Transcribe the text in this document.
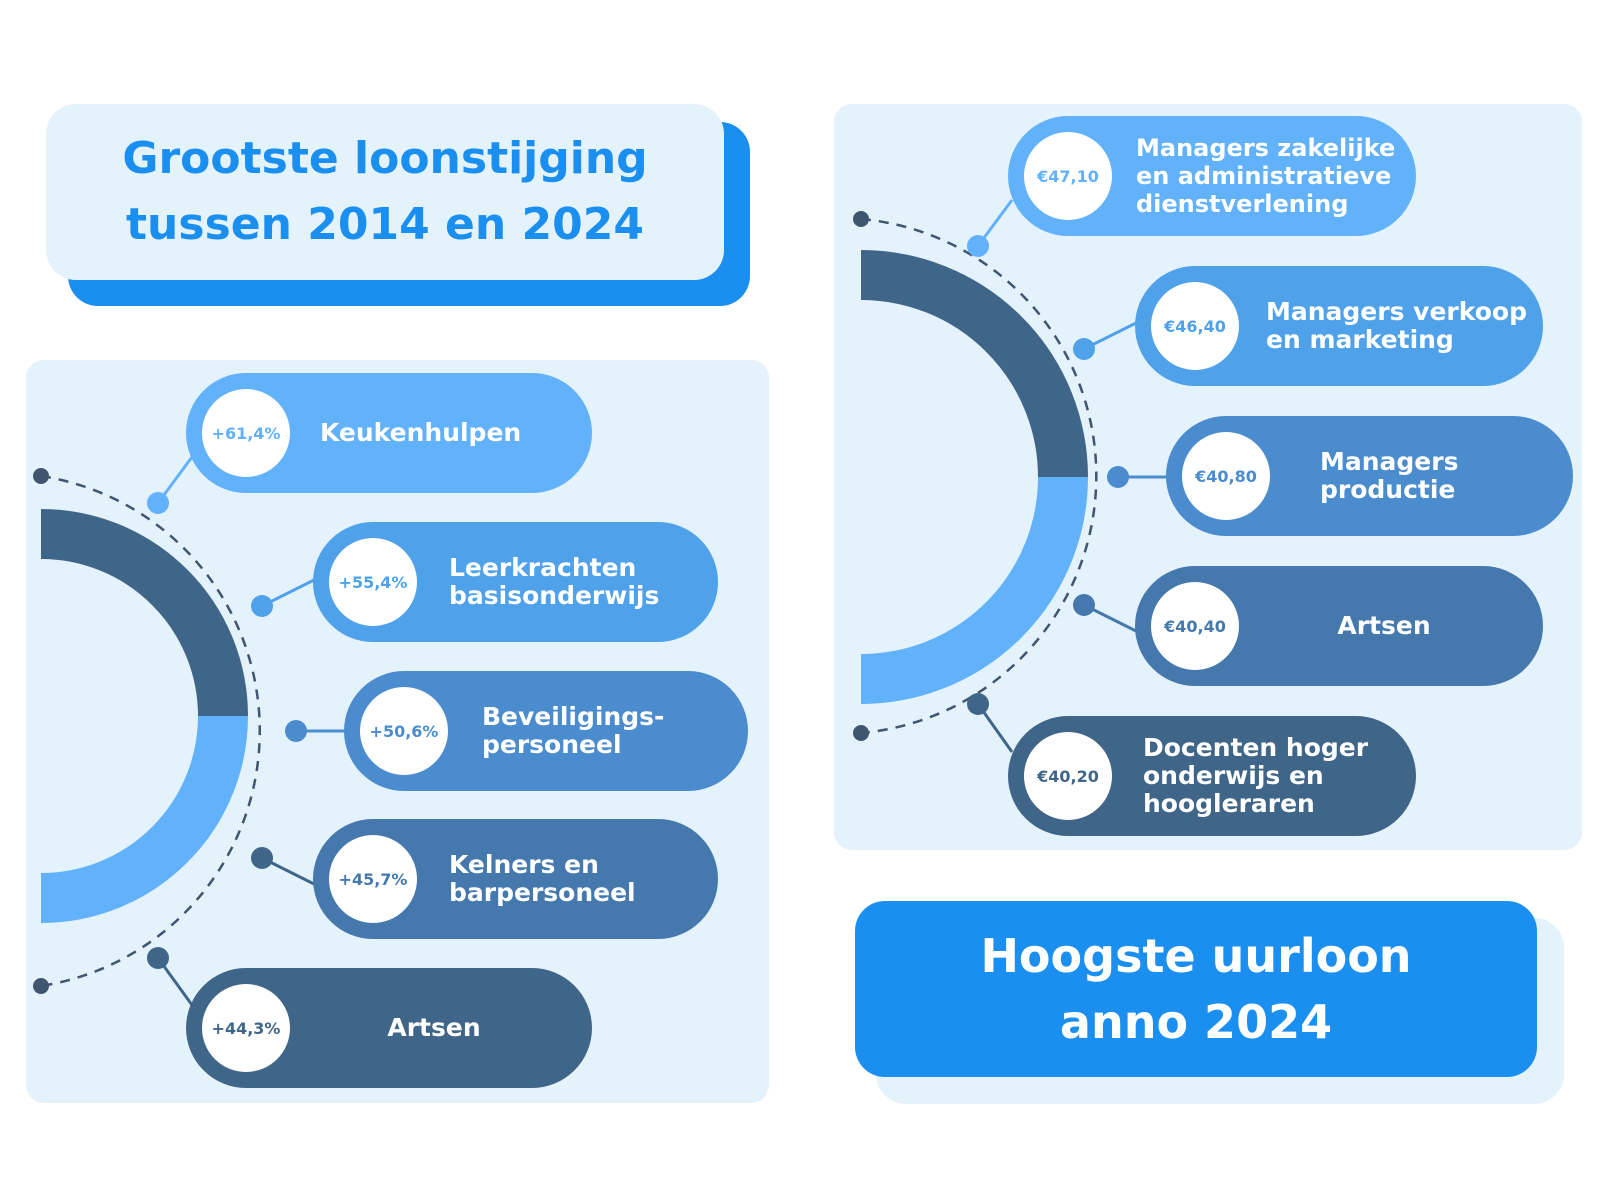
Grootste loonstijging
tussen 2014 en 2024
Hoogste uurloon
anno 2024
+61,4%	Keukenhulpen
+55,4%	Leerkrachten
basisonderwijs
+50,6%	Beveiligings-
personeel
+45,7%	Kelners en
barpersoneel
+44,3%	Artsen
€47,10
Managers zakelijke
en administratieve
dienstverlening
€46,40	Managers verkoop
en marketing
€40,80	Managers
productie
€40,40	Artsen
€40,20
Docenten hoger
onderwijs en
hoogleraren
